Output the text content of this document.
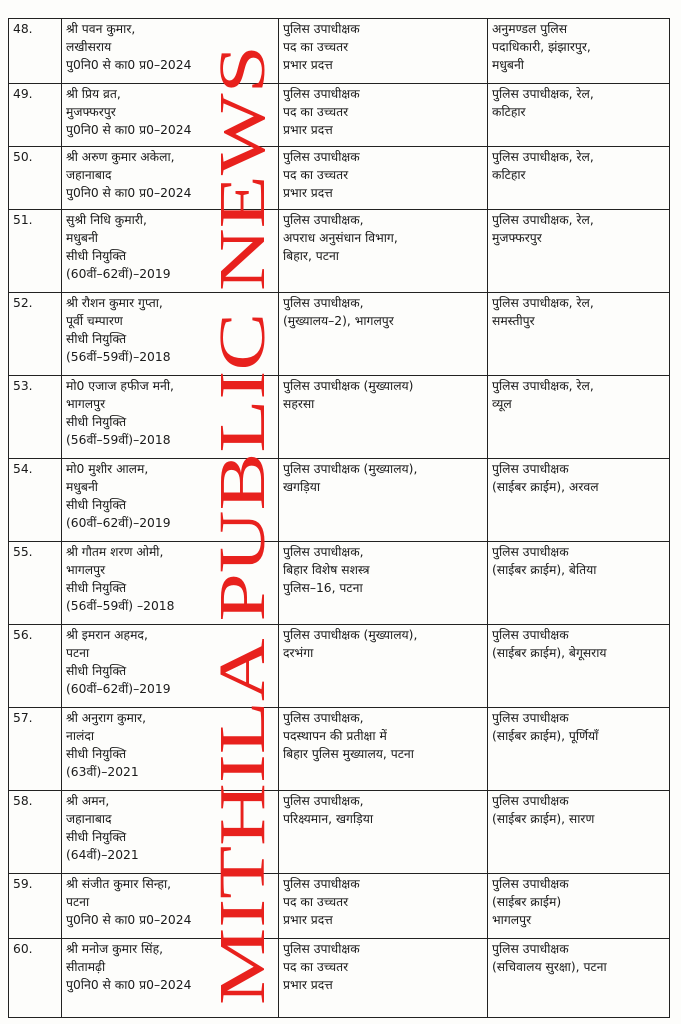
48.	श्री पवन कुमार,
लखीसराय
पु0नि0 से का0 प्र0–2024	पुलिस उपाधीक्षक
पद का उच्चतर
प्रभार प्रदत्त	अनुमण्डल पुलिस
पदाधिकारी, झंझारपुर,
मधुबनी

49.	श्री प्रिय व्रत,
मुजफ्फरपुर
पु0नि0 से का0 प्र0–2024	पुलिस उपाधीक्षक
पद का उच्चतर
प्रभार प्रदत्त	पुलिस उपाधीक्षक, रेल,
कटिहार

50.	श्री अरुण कुमार अकेला,
जहानाबाद
पु0नि0 से का0 प्र0–2024	पुलिस उपाधीक्षक
पद का उच्चतर
प्रभार प्रदत्त	पुलिस उपाधीक्षक, रेल,
कटिहार

51.	सुश्री निधि कुमारी,
मधुबनी
सीधी नियुक्ति
(60वीं–62वीं)–2019	पुलिस उपाधीक्षक,
अपराध अनुसंधान विभाग,
बिहार, पटना	पुलिस उपाधीक्षक, रेल,
मुजफ्फरपुर

52.	श्री रौशन कुमार गुप्ता,
पूर्वी चम्पारण
सीधी नियुक्ति
(56वीं–59वीं)–2018	पुलिस उपाधीक्षक,
(मुख्यालय–2), भागलपुर	पुलिस उपाधीक्षक, रेल,
समस्तीपुर

53.	मो0 एजाज हफीज मनी,
भागलपुर
सीधी नियुक्ति
(56वीं–59वीं)–2018	पुलिस उपाधीक्षक (मुख्यालय)
सहरसा	पुलिस उपाधीक्षक, रेल,
व्यूल

54.	मो0 मुशीर आलम,
मधुबनी
सीधी नियुक्ति
(60वीं–62वीं)–2019	पुलिस उपाधीक्षक (मुख्यालय),
खगड़िया	पुलिस उपाधीक्षक
(साईबर क्राईम), अरवल

55.	श्री गौतम शरण ओमी,
भागलपुर
सीधी नियुक्ति
(56वीं–59वीं) –2018	पुलिस उपाधीक्षक,
बिहार विशेष सशस्त्र
पुलिस–16, पटना	पुलिस उपाधीक्षक
(साईबर क्राईम), बेतिया

56.	श्री इमरान अहमद,
पटना
सीधी नियुक्ति
(60वीं–62वीं)–2019	पुलिस उपाधीक्षक (मुख्यालय),
दरभंगा	पुलिस उपाधीक्षक
(साईबर क्राईम), बेगूसराय

57.	श्री अनुराग कुमार,
नालंदा
सीधी नियुक्ति
(63वीं)–2021	पुलिस उपाधीक्षक,
पदस्थापन की प्रतीक्षा में
बिहार पुलिस मुख्यालय, पटना	पुलिस उपाधीक्षक
(साईबर क्राईम), पूर्णियाँ

58.	श्री अमन,
जहानाबाद
सीधी नियुक्ति
(64वीं)–2021	पुलिस उपाधीक्षक,
परिक्ष्यमान, खगड़िया	पुलिस उपाधीक्षक
(साईबर क्राईम), सारण

59.	श्री संजीत कुमार सिन्हा,
पटना
पु0नि0 से का0 प्र0–2024	पुलिस उपाधीक्षक
पद का उच्चतर
प्रभार प्रदत्त	पुलिस उपाधीक्षक
(साईबर क्राईम)
भागलपुर

60.	श्री मनोज कुमार सिंह,
सीतामढ़ी
पु0नि0 से का0 प्र0–2024	पुलिस उपाधीक्षक
पद का उच्चतर
प्रभार प्रदत्त	पुलिस उपाधीक्षक
(सचिवालय सुरक्षा), पटना
MITHILA PUBLIC NEWS
